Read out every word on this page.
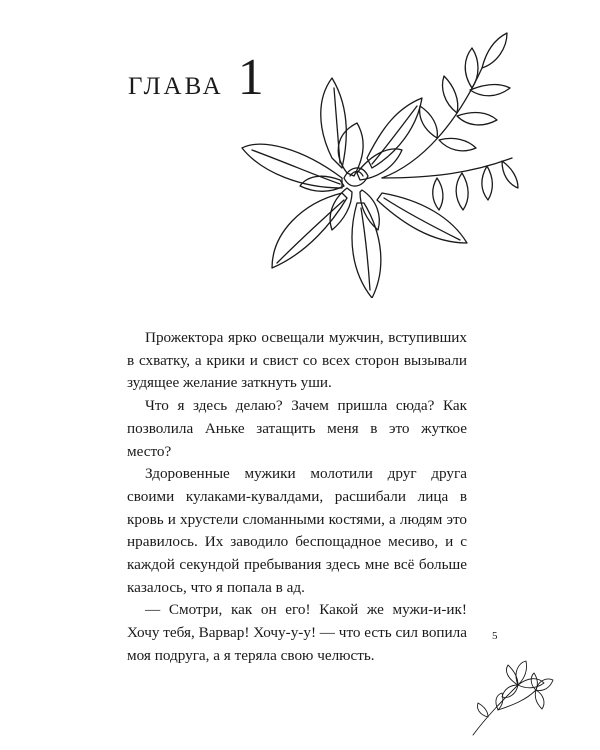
ГЛАВА 1

Прожектора ярко освещали мужчин, вступивших в схватку, а крики и свист со всех сторон вызывали зудящее желание заткнуть уши.

Что я здесь делаю? Зачем пришла сюда? Как позволила Аньке затащить меня в это жуткое место?

Здоровенные мужики молотили друг друга своими кулаками-кувалдами, расшибали лица в кровь и хрустели сломанными костями, а людям это нравилось. Их заводило беспощадное месиво, и с каждой секундой пребывания здесь мне всё больше казалось, что я попала в ад.

— Смотри, как он его! Какой же мужи-и-ик! Хочу тебя, Варвар! Хочу-у-у! — что есть сил вопила моя подруга, а я теряла свою челюсть.

5
